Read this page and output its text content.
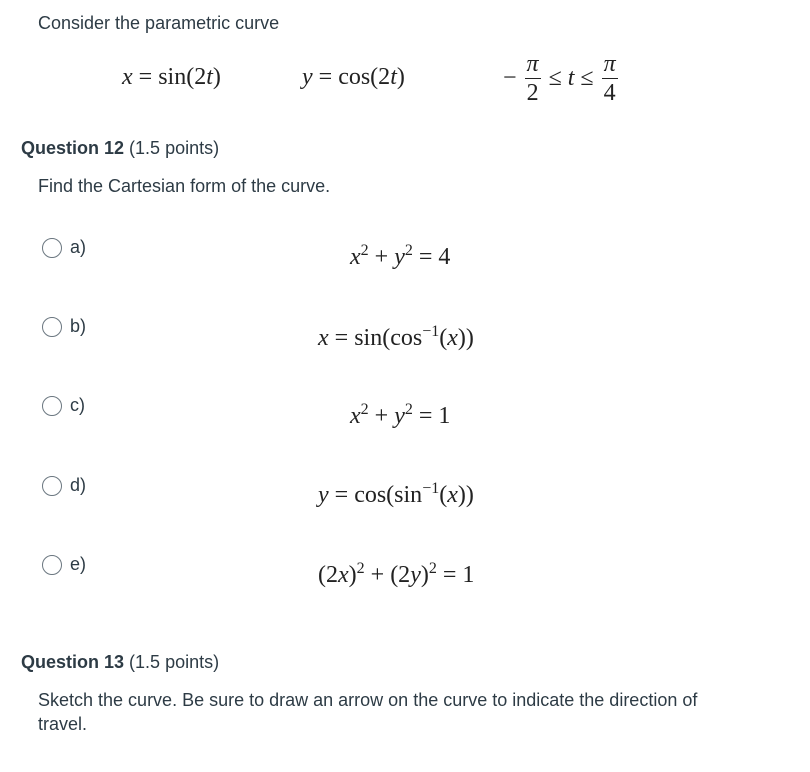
Consider the parametric curve
x = sin(2t)	y = cos(2t)	− $\frac{\pi}{2} \le t \le \frac{\pi}{4}$
Question 12 (1.5 points)
Find the Cartesian form of the curve.
a)	$x^2 + y^2 = 4$
b)	$x = \sin(\cos^{-1}(x))$
c)	$x^2 + y^2 = 1$
d)	$y = \cos(\sin^{-1}(x))$
e)	$(2x)^2 + (2y)^2 = 1$
Question 13 (1.5 points)
Sketch the curve. Be sure to draw an arrow on the curve to indicate the direction of travel.
